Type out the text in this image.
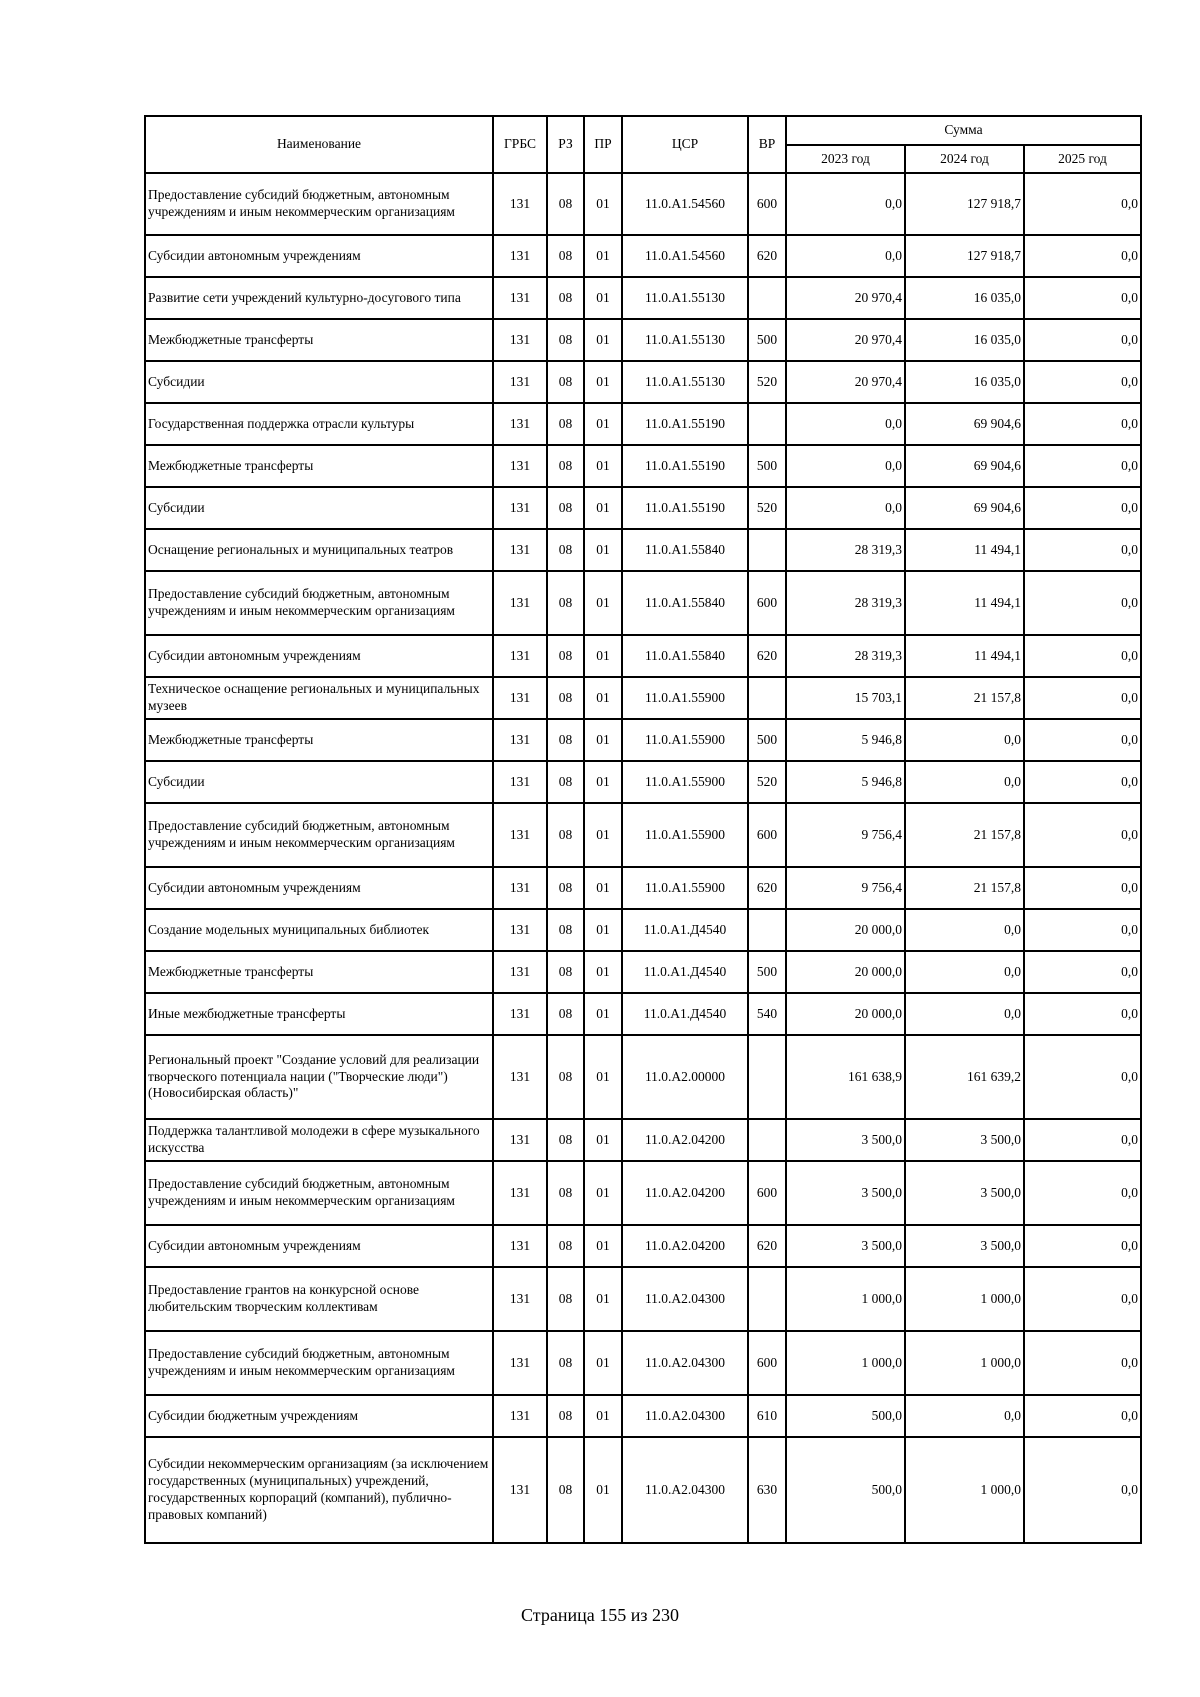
Наименование	ГРБС	РЗ	ПР	ЦСР	ВР	Сумма		
						2023 год	2024 год	2025 год
Предоставление субсидий бюджетным, автономным учреждениям и иным некоммерческим организациям	131	08	01	11.0.A1.54560	600	0,0	127 918,7	0,0
Субсидии автономным учреждениям	131	08	01	11.0.A1.54560	620	0,0	127 918,7	0,0
Развитие сети учреждений культурно-досугового типа	131	08	01	11.0.A1.55130		20 970,4	16 035,0	0,0
Межбюджетные трансферты	131	08	01	11.0.A1.55130	500	20 970,4	16 035,0	0,0
Субсидии	131	08	01	11.0.A1.55130	520	20 970,4	16 035,0	0,0
Государственная поддержка отрасли культуры	131	08	01	11.0.A1.55190		0,0	69 904,6	0,0
Межбюджетные трансферты	131	08	01	11.0.A1.55190	500	0,0	69 904,6	0,0
Субсидии	131	08	01	11.0.A1.55190	520	0,0	69 904,6	0,0
Оснащение региональных и муниципальных театров	131	08	01	11.0.A1.55840		28 319,3	11 494,1	0,0
Предоставление субсидий бюджетным, автономным учреждениям и иным некоммерческим организациям	131	08	01	11.0.A1.55840	600	28 319,3	11 494,1	0,0
Субсидии автономным учреждениям	131	08	01	11.0.A1.55840	620	28 319,3	11 494,1	0,0
Техническое оснащение региональных и муниципальных музеев	131	08	01	11.0.A1.55900		15 703,1	21 157,8	0,0
Межбюджетные трансферты	131	08	01	11.0.A1.55900	500	5 946,8	0,0	0,0
Субсидии	131	08	01	11.0.A1.55900	520	5 946,8	0,0	0,0
Предоставление субсидий бюджетным, автономным учреждениям и иным некоммерческим организациям	131	08	01	11.0.A1.55900	600	9 756,4	21 157,8	0,0
Субсидии автономным учреждениям	131	08	01	11.0.A1.55900	620	9 756,4	21 157,8	0,0
Создание модельных муниципальных библиотек	131	08	01	11.0.A1.Д4540		20 000,0	0,0	0,0
Межбюджетные трансферты	131	08	01	11.0.A1.Д4540	500	20 000,0	0,0	0,0
Иные межбюджетные трансферты	131	08	01	11.0.A1.Д4540	540	20 000,0	0,0	0,0
Региональный проект "Создание условий для реализации творческого потенциала нации ("Творческие люди") (Новосибирская область)"	131	08	01	11.0.A2.00000		161 638,9	161 639,2	0,0
Поддержка талантливой молодежи в сфере музыкального искусства	131	08	01	11.0.A2.04200		3 500,0	3 500,0	0,0
Предоставление субсидий бюджетным, автономным учреждениям и иным некоммерческим организациям	131	08	01	11.0.A2.04200	600	3 500,0	3 500,0	0,0
Субсидии автономным учреждениям	131	08	01	11.0.A2.04200	620	3 500,0	3 500,0	0,0
Предоставление грантов на конкурсной основе любительским творческим коллективам	131	08	01	11.0.A2.04300		1 000,0	1 000,0	0,0
Предоставление субсидий бюджетным, автономным учреждениям и иным некоммерческим организациям	131	08	01	11.0.A2.04300	600	1 000,0	1 000,0	0,0
Субсидии бюджетным учреждениям	131	08	01	11.0.A2.04300	610	500,0	0,0	0,0
Субсидии некоммерческим организациям (за исключением государственных (муниципальных) учреждений, государственных корпораций (компаний), публично-правовых компаний)	131	08	01	11.0.A2.04300	630	500,0	1 000,0	0,0
Страница 155 из 230
